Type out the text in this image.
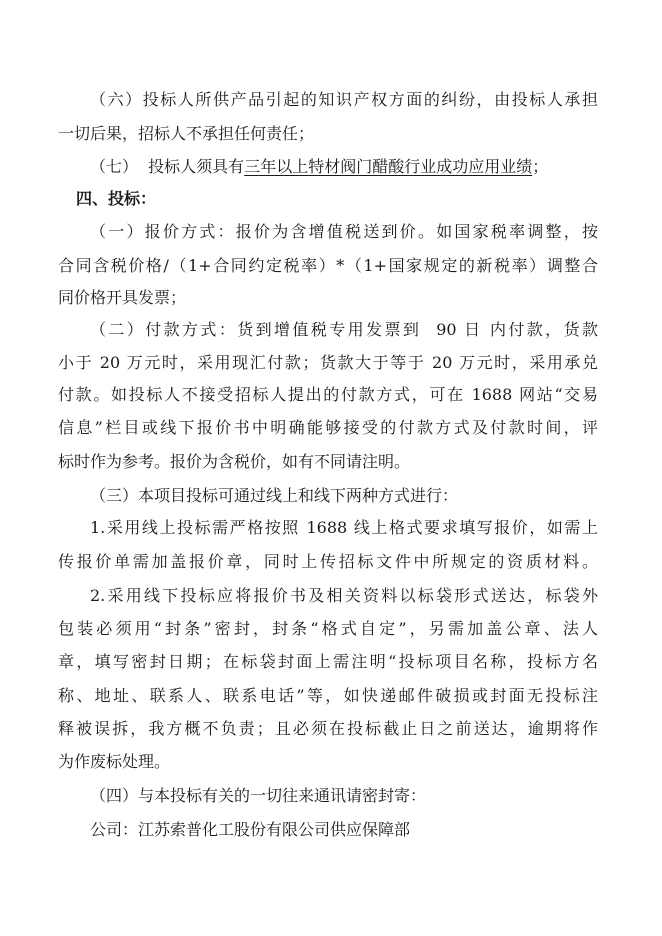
（六）投标人所供产品引起的知识产权方面的纠纷，由投标人承担
一切后果，招标人不承担任何责任；
（七）  投标人须具有三年以上特材阀门醋酸行业成功应用业绩；
四、投标：
（一）报价方式：报价为含增值税送到价。如国家税率调整，按
合同含税价格/（1+合同约定税率）*（1+国家规定的新税率）调整合
同价格开具发票；
（二）付款方式：货到增值税专用发票到  90 日 内付款，货款
小于 20 万元时，采用现汇付款；货款大于等于 20 万元时，采用承兑
付款。如投标人不接受招标人提出的付款方式，可在 1688 网站“交易
信息”栏目或线下报价书中明确能够接受的付款方式及付款时间，评
标时作为参考。报价为含税价，如有不同请注明。
（三）本项目投标可通过线上和线下两种方式进行：
1.采用线上投标需严格按照 1688 线上格式要求填写报价，如需上
传报价单需加盖报价章，同时上传招标文件中所规定的资质材料。
2.采用线下投标应将报价书及相关资料以标袋形式送达，标袋外
包装必须用“封条”密封，封条“格式自定”，另需加盖公章、法人
章，填写密封日期；在标袋封面上需注明“投标项目名称，投标方名
称、地址、联系人、联系电话”等，如快递邮件破损或封面无投标注
释被误拆，我方概不负责；且必须在投标截止日之前送达，逾期将作
为作废标处理。
（四）与本投标有关的一切往来通讯请密封寄：
公司：江苏索普化工股份有限公司供应保障部
